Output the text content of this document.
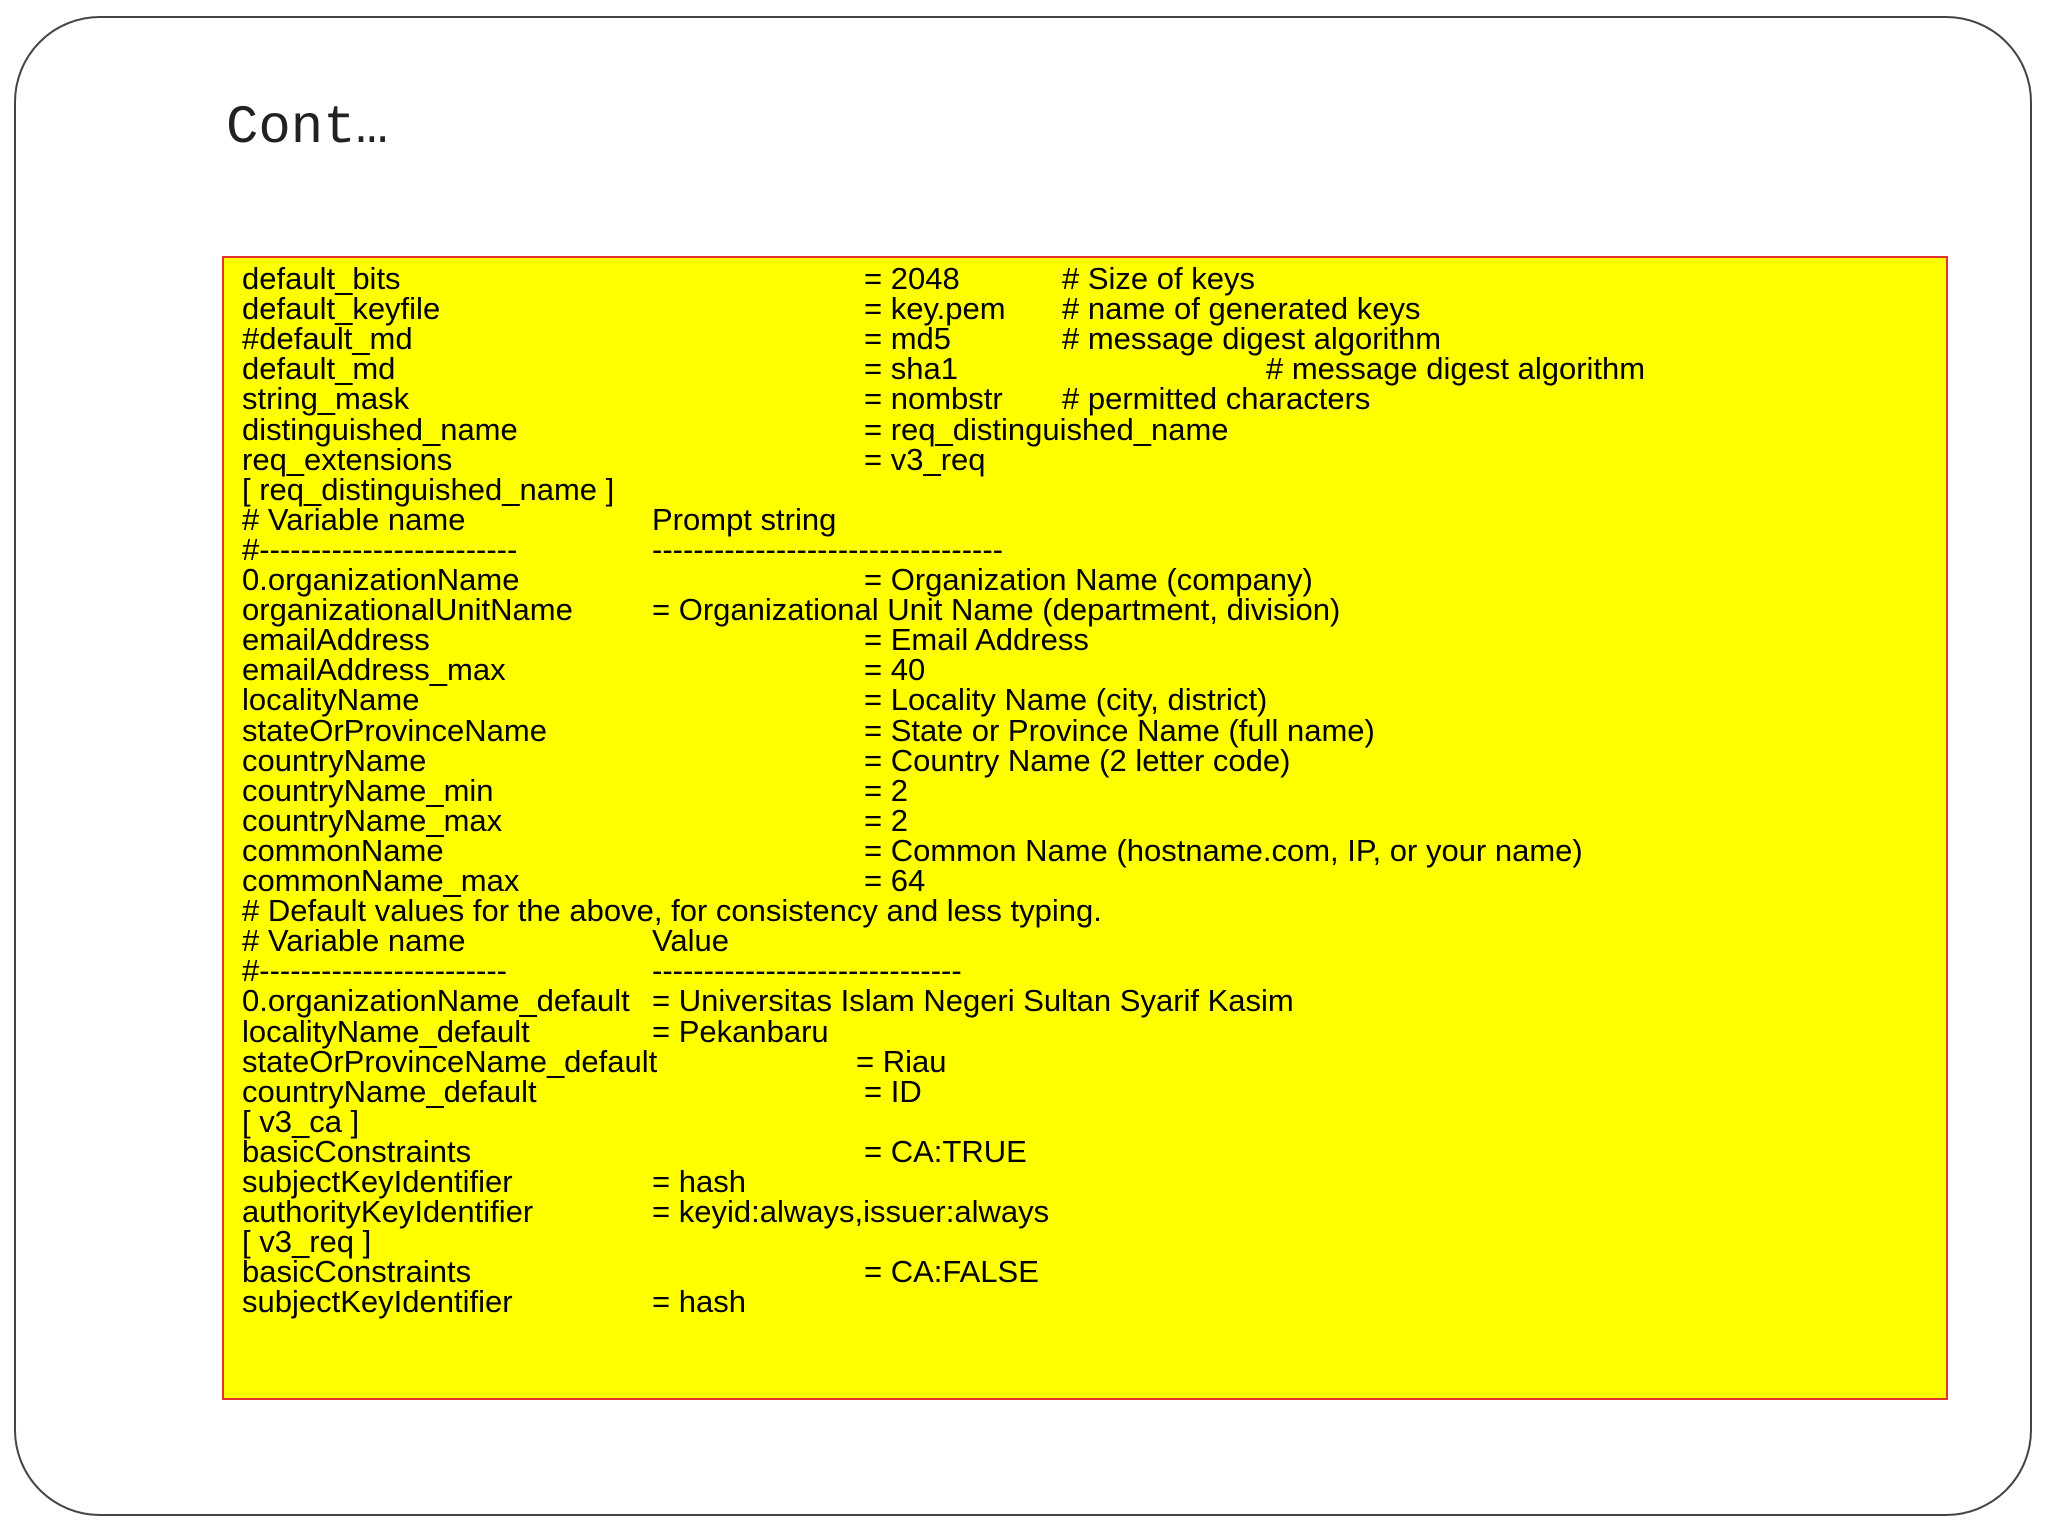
Cont…
default_bits	= 2048	# Size of keys
default_keyfile	= key.pem # name of generated keys
#default_md	= md5	# message digest algorithm
default_md	= sha1	# message digest algorithm
string_mask	= nombstr # permitted characters
distinguished_name	= req_distinguished_name
req_extensions	= v3_req
[ req_distinguished_name ]
# Variable name	Prompt string
#-------------------------	----------------------------------
0.organizationName	= Organization Name (company)
organizationalUnitName	= Organizational Unit Name (department, division)
emailAddress	= Email Address
emailAddress_max	= 40
localityName	= Locality Name (city, district)
stateOrProvinceName	= State or Province Name (full name)
countryName	= Country Name (2 letter code)
countryName_min	= 2
countryName_max	= 2
commonName	= Common Name (hostname.com, IP, or your name)
commonName_max	= 64
# Default values for the above, for consistency and less typing.
# Variable name	Value
#------------------------	------------------------------
0.organizationName_default = Universitas Islam Negeri Sultan Syarif Kasim
localityName_default	= Pekanbaru
stateOrProvinceName_default	= Riau
countryName_default	= ID
[ v3_ca ]
basicConstraints	= CA:TRUE
subjectKeyIdentifier	= hash
authorityKeyIdentifier	= keyid:always,issuer:always
[ v3_req ]
basicConstraints	= CA:FALSE
subjectKeyIdentifier	= hash
